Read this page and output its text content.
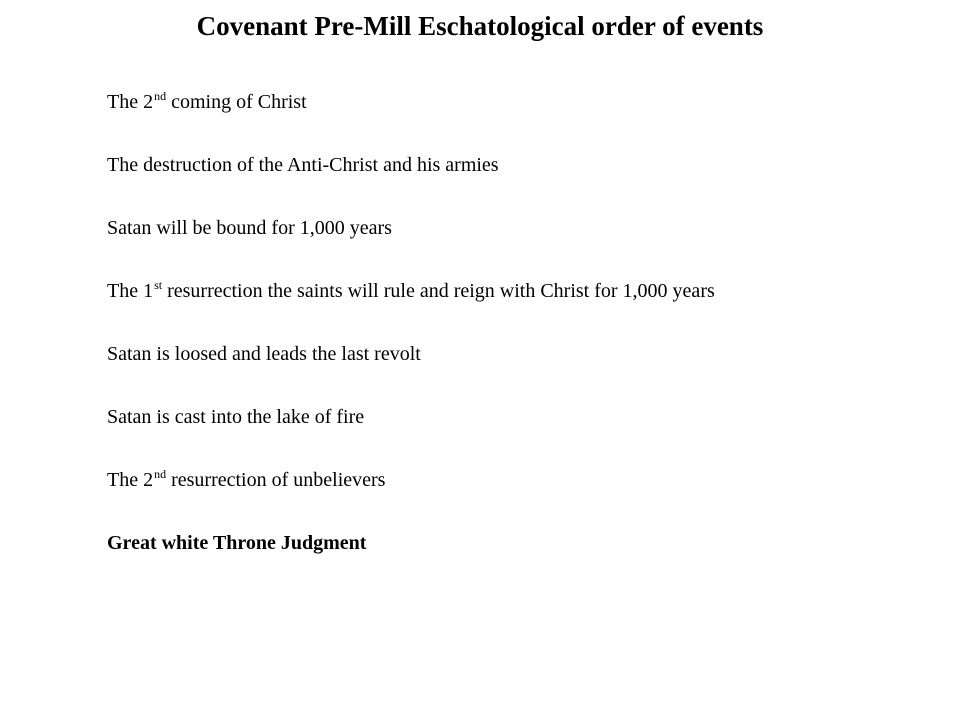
Covenant Pre-Mill Eschatological order of events
The 2nd coming of Christ
The destruction of the Anti-Christ and his armies
Satan will be bound for 1,000 years
The 1st resurrection the saints will rule and reign with Christ for 1,000 years
Satan is loosed and leads the last revolt
Satan is cast into the lake of fire
The 2nd resurrection of unbelievers
Great white Throne Judgment
